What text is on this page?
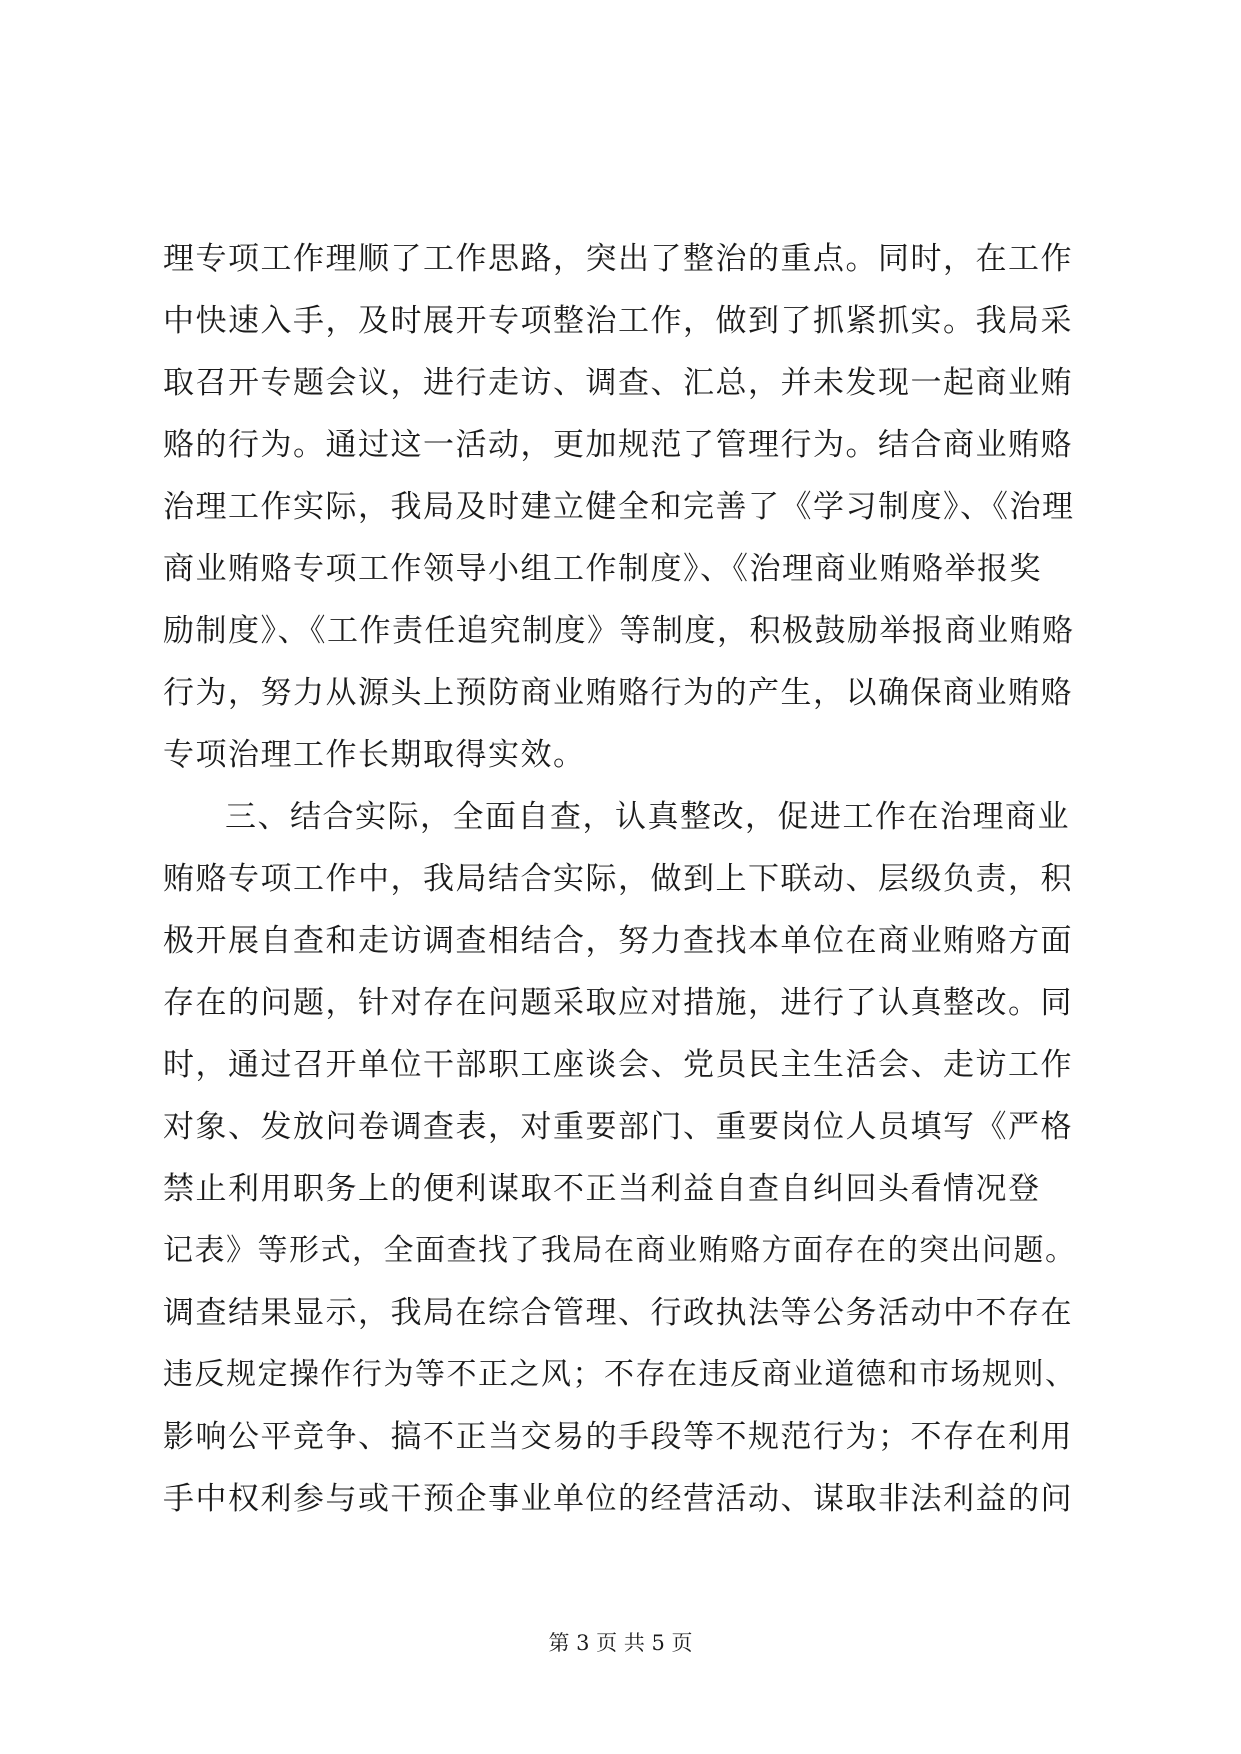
理专项工作理顺了工作思路，突出了整治的重点。同时，在工作
中快速入手，及时展开专项整治工作，做到了抓紧抓实。我局采
取召开专题会议，进行走访、调查、汇总，并未发现一起商业贿
赂的行为。通过这一活动，更加规范了管理行为。结合商业贿赂
治理工作实际，我局及时建立健全和完善了《学习制度》、《治理
商业贿赂专项工作领导小组工作制度》、《治理商业贿赂举报奖
励制度》、《工作责任追究制度》等制度，积极鼓励举报商业贿赂
行为，努力从源头上预防商业贿赂行为的产生，以确保商业贿赂
专项治理工作长期取得实效。
三、结合实际，全面自查，认真整改，促进工作在治理商业
贿赂专项工作中，我局结合实际，做到上下联动、层级负责，积
极开展自查和走访调查相结合，努力查找本单位在商业贿赂方面
存在的问题，针对存在问题采取应对措施，进行了认真整改。同
时，通过召开单位干部职工座谈会、党员民主生活会、走访工作
对象、发放问卷调查表，对重要部门、重要岗位人员填写《严格
禁止利用职务上的便利谋取不正当利益自查自纠回头看情况登
记表》等形式，全面查找了我局在商业贿赂方面存在的突出问题。
调查结果显示，我局在综合管理、行政执法等公务活动中不存在
违反规定操作行为等不正之风；不存在违反商业道德和市场规则、
影响公平竞争、搞不正当交易的手段等不规范行为；不存在利用
手中权利参与或干预企事业单位的经营活动、谋取非法利益的问
第 3 页 共 5 页
